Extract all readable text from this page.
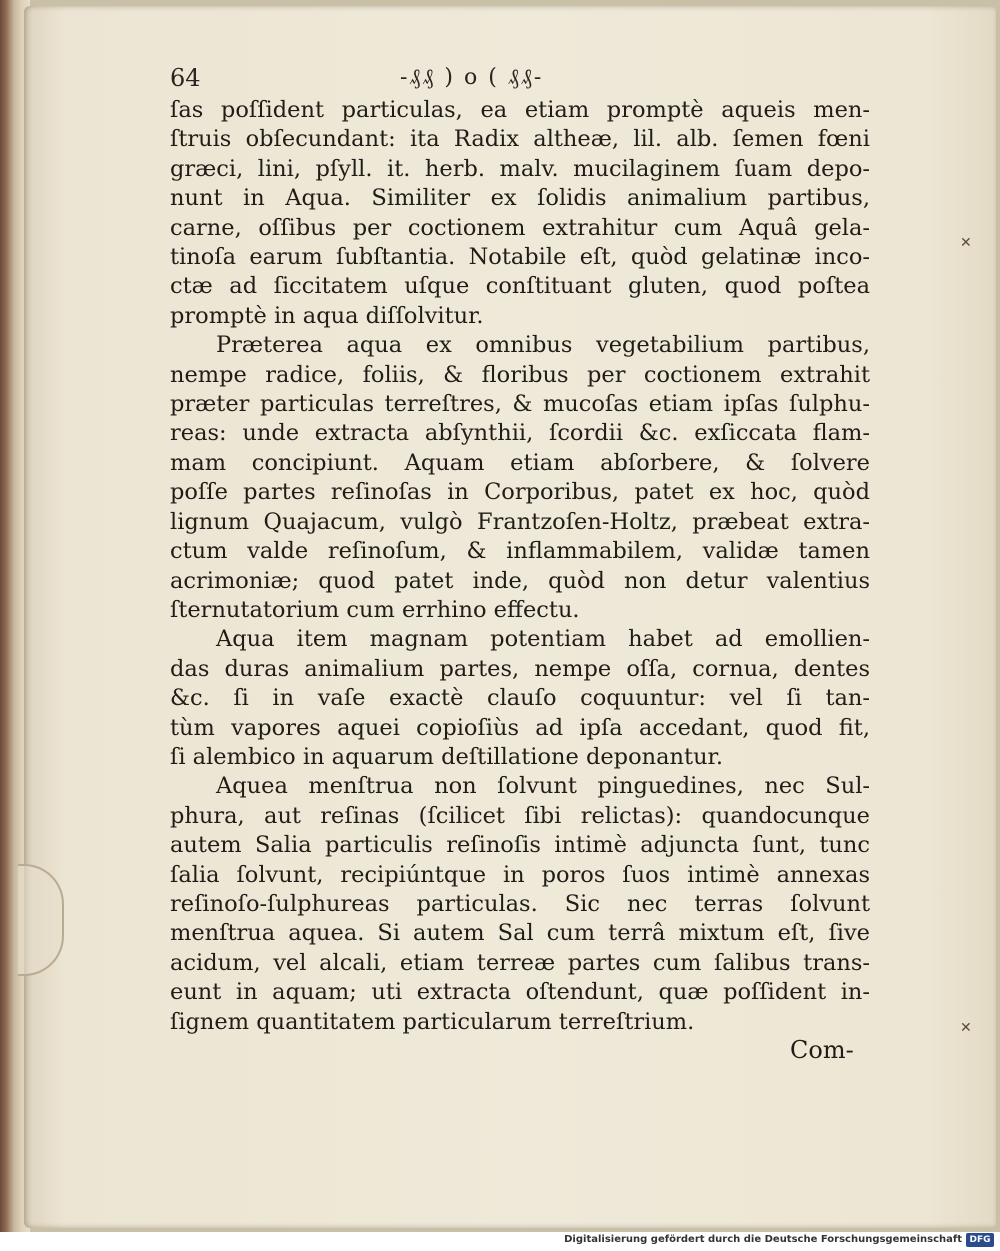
64	-₰₰ ) o ( ₰₰-
ſas poſſident particulas, ea etiam promptè aqueis men-
ſtruis obſecundant: ita Radix altheæ, lil. alb. ſemen fœni
græci, lini, pſyll. it. herb. malv. mucilaginem ſuam depo-
nunt in Aqua. Similiter ex ſolidis animalium partibus,
carne, oſſibus per coctionem extrahitur cum Aquâ gela-
tinoſa earum ſubſtantia. Notabile eſt, quòd gelatinæ inco-
ctæ ad ſiccitatem uſque conſtituant gluten, quod poſtea
promptè in aqua diſſolvitur.
Præterea aqua ex omnibus vegetabilium partibus,
nempe radice, foliis, & floribus per coctionem extrahit
præter particulas terreſtres, & mucoſas etiam ipſas ſulphu-
reas: unde extracta abſynthii, ſcordii &c. exſiccata flam-
mam concipiunt. Aquam etiam abſorbere, & ſolvere
poſſe partes reſinoſas in Corporibus, patet ex hoc, quòd
lignum Quajacum, vulgò Frantzoſen-Holtz, præbeat extra-
ctum valde reſinoſum, & inflammabilem, validæ tamen
acrimoniæ; quod patet inde, quòd non detur valentius
ſternutatorium cum errhino effectu.
Aqua item magnam potentiam habet ad emollien-
das duras animalium partes, nempe oſſa, cornua, dentes
&c. ſi in vaſe exactè clauſo coquuntur: vel ſi tan-
tùm vapores aquei copioſiùs ad ipſa accedant, quod fit,
ſi alembico in aquarum deſtillatione deponantur.
Aquea menſtrua non ſolvunt pinguedines, nec Sul-
phura, aut reſinas (ſcilicet ſibi relictas): quandocunque
autem Salia particulis reſinoſis intimè adjuncta ſunt, tunc
ſalia ſolvunt, recipiúntque in poros ſuos intimè annexas
reſinoſo-ſulphureas particulas. Sic nec terras ſolvunt
menſtrua aquea. Si autem Sal cum terrâ mixtum eſt, ſive
acidum, vel alcali, etiam terreæ partes cum ſalibus trans-
eunt in aquam; uti extracta oſtendunt, quæ poſſident in-
ſignem quantitatem particularum terreſtrium.
Com-
✕
✕
Digitalisierung gefördert durch die Deutsche Forschungsgemeinschaft DFG
